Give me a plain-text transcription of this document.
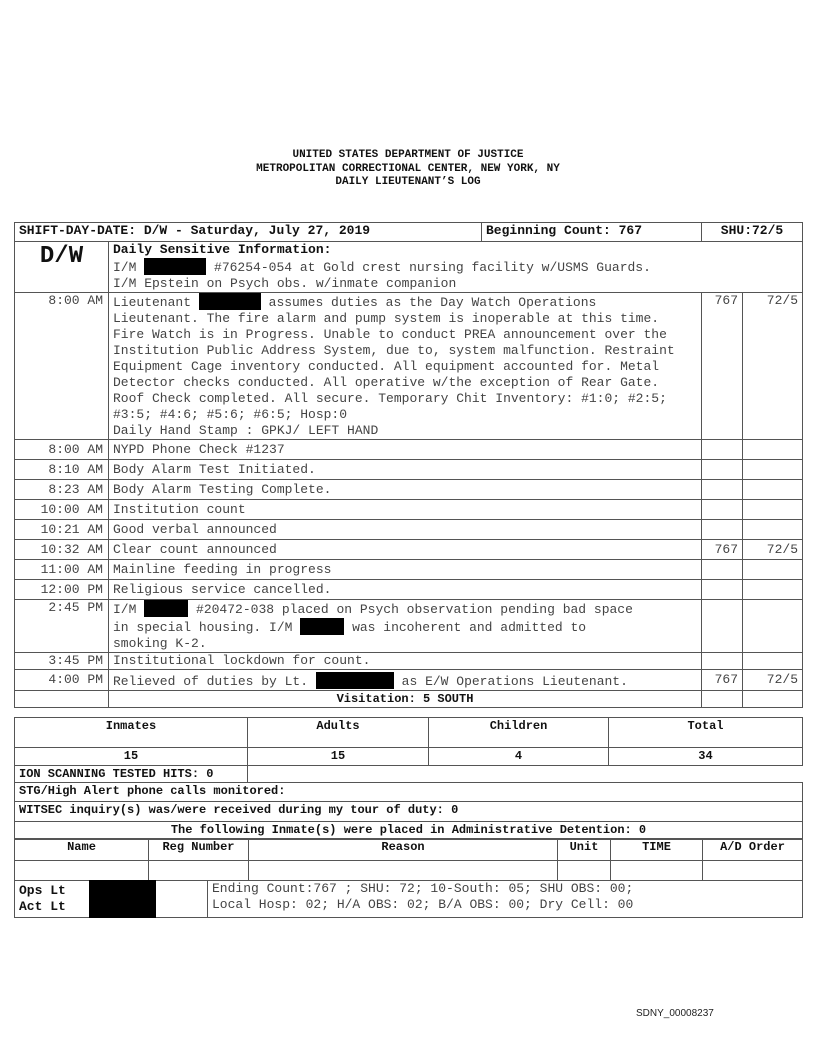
UNITED STATES DEPARTMENT OF JUSTICE
METROPOLITAN CORRECTIONAL CENTER, NEW YORK, NY
DAILY LIEUTENANT’S LOG
SHIFT-DAY-DATE: D/W - Saturday, July 27, 2019		Beginning Count: 767	SHU:72/5	
D/W	Daily Sensitive Information:
I/M #76254-054 at Gold crest nursing facility w/USMS Guards.
I/M Epstein on Psych obs. w/inmate companion			

8:00 AM	Lieutenant assumes duties as the Day Watch Operations
Lieutenant. The fire alarm and pump system is inoperable at this time. Fire Watch is in Progress. Unable to conduct PREA announcement over the Institution Public Address System, due to, system malfunction. Restraint Equipment Cage inventory conducted. All equipment accounted for. Metal Detector checks conducted. All operative w/the exception of Rear Gate. Roof Check completed. All secure. Temporary Chit Inventory: #1:0; #2:5; #3:5; #4:6; #5:6; #6:5; Hosp:0
Daily Hand Stamp : GPKJ/ LEFT HAND		767	72/5
8:00 AM	NYPD Phone Check #1237			
8:10 AM	Body Alarm Test Initiated.			
8:23 AM	Body Alarm Testing Complete.			
10:00 AM	Institution count			
10:21 AM	Good verbal announced			
10:32 AM	Clear count announced		767	72/5
11:00 AM	Mainline feeding in progress			
12:00 PM	Religious service cancelled.			
2:45 PM	I/M #20472-038 placed on Psych observation pending bad space
in special housing. I/M was incoherent and admitted to
smoking K-2.			

3:45 PM	Institutional lockdown for count.			
4:00 PM	Relieved of duties by Lt. as E/W Operations Lieutenant.		767	72/5
	Visitation: 5 SOUTH			
Inmates	Adults	Children	Total
15	15	4	34
ION SCANNING TESTED HITS: 0			
STG/High Alert phone calls monitored:			
WITSEC inquiry(s) was/were received during my tour of duty: 0			
The following Inmate(s) were placed in Administrative Detention: 0			
Name	Reg Number	Reason	Unit	TIME	A/D Order

Ops Lt
Act Lt

Ending Count:767 ; SHU: 72; 10-South: 05; SHU OBS: 00;
Local Hosp: 02; H/A OBS: 02; B/A OBS: 00; Dry Cell: 00
SDNY_00008237
